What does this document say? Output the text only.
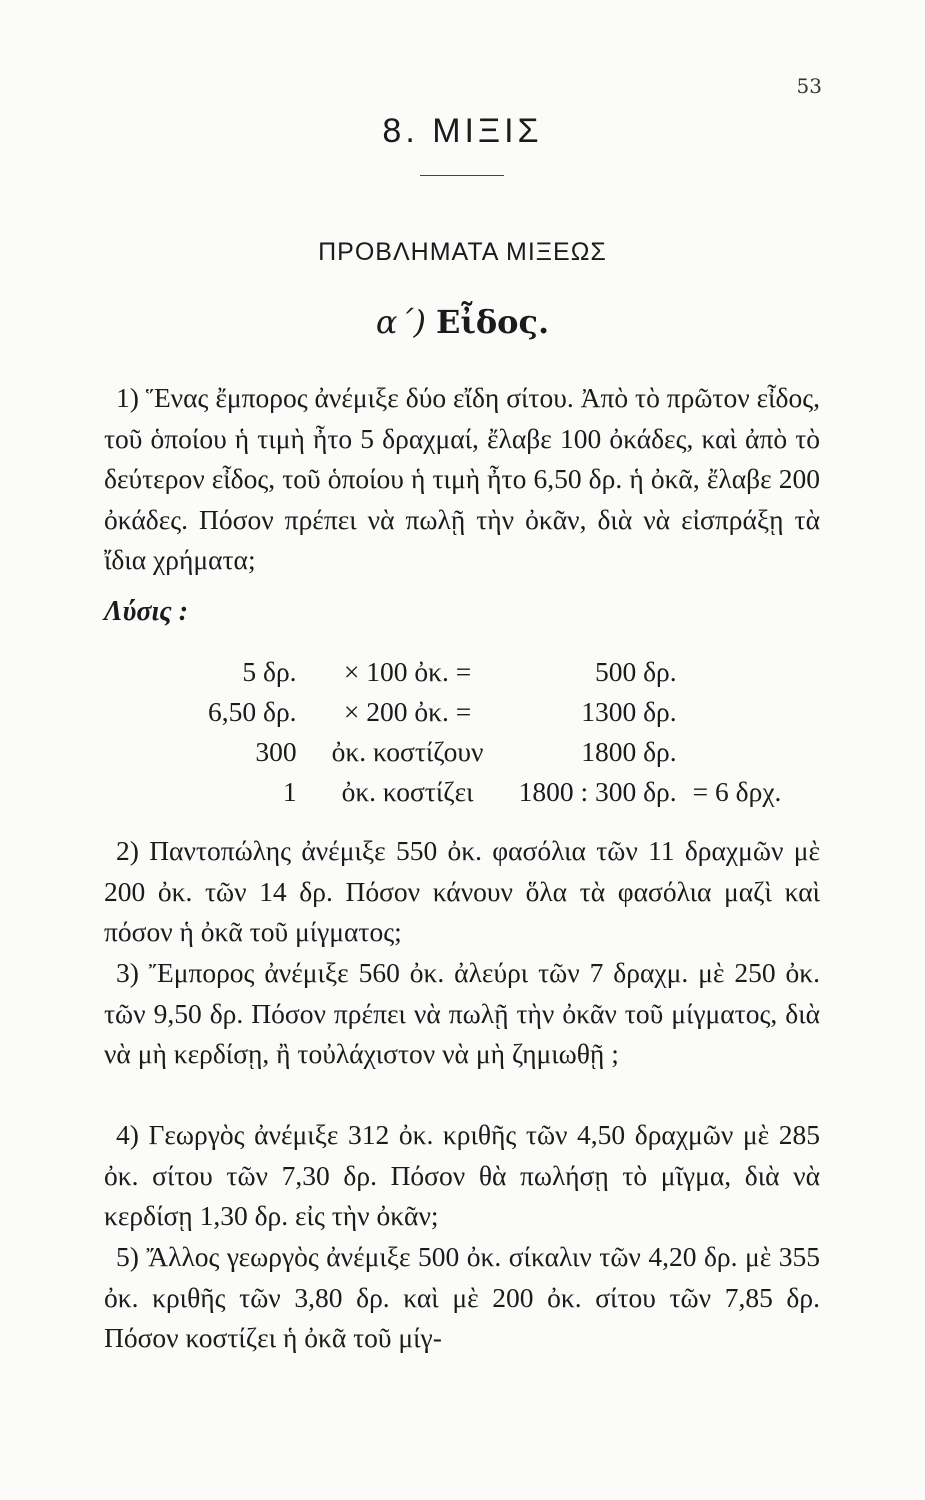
53
8. ΜΙΞΙΣ
ΠΡΟΒΛΗΜΑΤΑ ΜΙΞΕΩΣ
α΄) Εἶδος.
1) Ἕνας ἔμπορος ἀνέμιξε δύο εἴδη σίτου. Ἀπὸ τὸ πρῶτον εἶδος, τοῦ ὁποίου ἡ τιμὴ ἦτο 5 δραχμαί, ἔλαβε 100 ὀκάδες, καὶ ἀπὸ τὸ δεύτερον εἶδος, τοῦ ὁποίου ἡ τιμὴ ἦτο 6,50 δρ. ἡ ὀκᾶ, ἔλαβε 200 ὀκάδες. Πόσον πρέπει νὰ πωλῇ τὴν ὀκᾶν, διὰ νὰ εἰσπράξῃ τὰ ἴδια χρήματα;
Λύσις :
5 δρ.	× 100 ὀκ. =	500 δρ.	
6,50 δρ.	× 200 ὀκ. =	1300 δρ.	
300	ὀκ. κοστίζουν	1800 δρ.	
1	ὀκ. κοστίζει	1800 : 300 δρ.	= 6 δρχ.
2) Παντοπώλης ἀνέμιξε 550 ὀκ. φασόλια τῶν 11 δραχμῶν μὲ 200 ὀκ. τῶν 14 δρ. Πόσον κάνουν ὅλα τὰ φασόλια μαζὶ καὶ πόσον ἡ ὀκᾶ τοῦ μίγματος;
3) Ἔμπορος ἀνέμιξε 560 ὀκ. ἀλεύρι τῶν 7 δραχμ. μὲ 250 ὀκ. τῶν 9,50 δρ. Πόσον πρέπει νὰ πωλῇ τὴν ὀκᾶν τοῦ μίγματος, διὰ νὰ μὴ κερδίσῃ, ἢ τοὐλάχιστον νὰ μὴ ζημιωθῇ ;
4) Γεωργὸς ἀνέμιξε 312 ὀκ. κριθῆς τῶν 4,50 δραχμῶν μὲ 285 ὀκ. σίτου τῶν 7,30 δρ. Πόσον θὰ πωλήσῃ τὸ μῖγμα, διὰ νὰ κερδίσῃ 1,30 δρ. εἰς τὴν ὀκᾶν;
5) Ἄλλος γεωργὸς ἀνέμιξε 500 ὀκ. σίκαλιν τῶν 4,20 δρ. μὲ 355 ὀκ. κριθῆς τῶν 3,80 δρ. καὶ μὲ 200 ὀκ. σίτου τῶν 7,85 δρ. Πόσον κοστίζει ἡ ὀκᾶ τοῦ μίγ-
